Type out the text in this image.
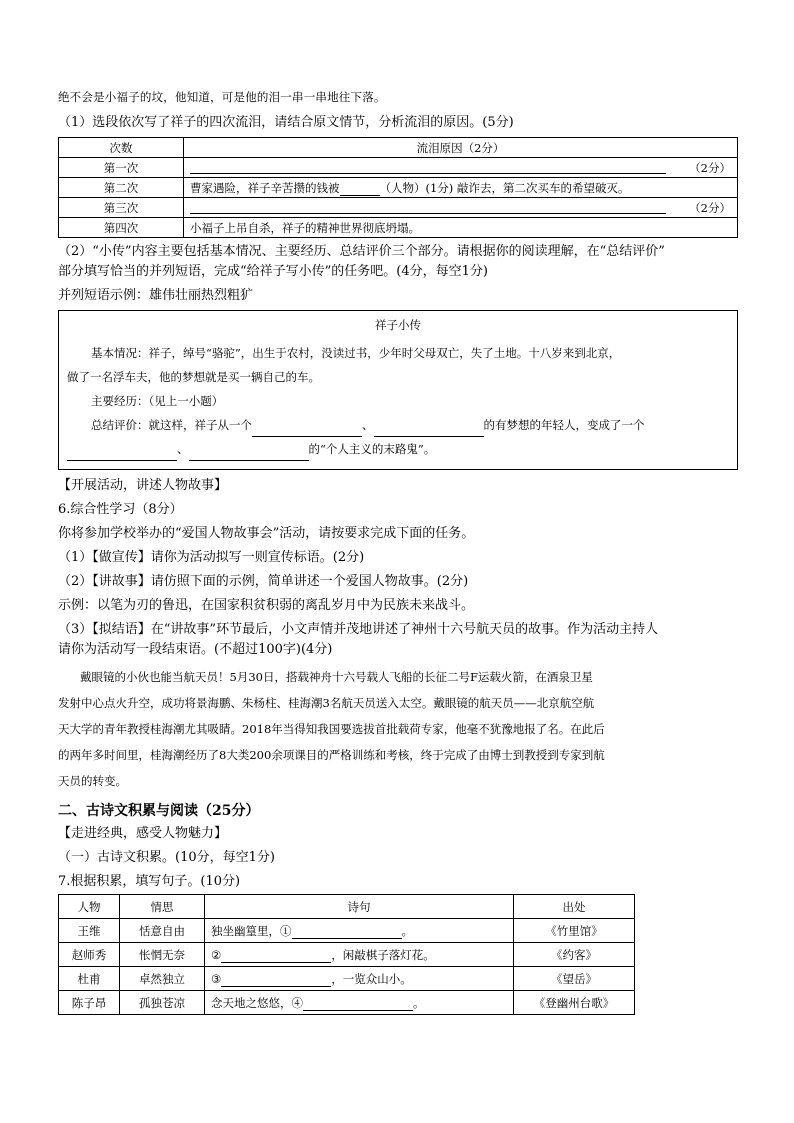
绝不会是小福子的坟，他知道，可是他的泪一串一串地往下落。
（1）选段依次写了祥子的四次流泪，请结合原文情节，分析流泪的原因。(5分)
次数	流泪原因（2分）
第一次	（2分）

第二次	曹家遇险，祥子辛苦攒的钱被 （人物）(1分) 敲诈去，第二次买车的希望破灭。
第三次	（2分）

第四次	小福子上吊自杀，祥子的精神世界彻底坍塌。
（2）“小传”内容主要包括基本情况、主要经历、总结评价三个部分。请根据你的阅读理解，在“总结评价”
部分填写恰当的并列短语，完成“给祥子写小传”的任务吧。(4分，每空1分)
并列短语示例：雄伟壮丽热烈粗犷
祥子小传

基本情况：祥子，绰号“骆驼”，出生于农村，没读过书，少年时父母双亡，失了土地。十八岁来到北京，

做了一名浮车夫，他的梦想就是买一辆自己的车。

主要经历：（见上一小题）

总结评价：就这样，祥子从一个	、	的有梦想的年轻人，变成了一个

、	的“个人主义的末路鬼”。

【开展活动，讲述人物故事】
6.综合性学习（8分）
你将参加学校举办的“爱国人物故事会”活动，请按要求完成下面的任务。
（1）【做宣传】请你为活动拟写一则宣传标语。(2分)
（2）【讲故事】请仿照下面的示例，简单讲述一个爱国人物故事。(2分)
示例：以笔为刃的鲁迅，在国家积贫积弱的离乱岁月中为民族未来战斗。
（3）【拟结语】在“讲故事”环节最后，小文声情并茂地讲述了神州十六号航天员的故事。作为活动主持人
请你为活动写一段结束语。(不超过100字)(4分)

戴眼镜的小伙也能当航天员！5月30日，搭载神舟十六号载人飞船的长征二号F运载火箭，在酒泉卫星

发射中心点火升空，成功将景海鹏、朱杨柱、桂海潮3名航天员送入太空。戴眼镜的航天员——北京航空航

天大学的青年教授桂海潮尤其吸睛。2018年当得知我国要选拔首批载荷专家，他毫不犹豫地报了名。在此后

的两年多时间里，桂海潮经历了8大类200余项课目的严格训练和考核，终于完成了由博士到教授到专家到航

天员的转变。

二、古诗文积累与阅读（25分）
【走进经典，感受人物魅力】
（一）古诗文积累。(10分，每空1分)
7.根据积累，填写句子。(10分)
人物	情思	诗句	出处
王维	恬意自由	独坐幽篁里，① 。	《竹里馆》
赵师秀	怅惘无奈	② ，闲敲棋子落灯花。	《约客》
杜甫	卓然独立	③ ，一览众山小。	《望岳》
陈子昂	孤独苍凉	念天地之悠悠，④ 。	《登幽州台歌》
